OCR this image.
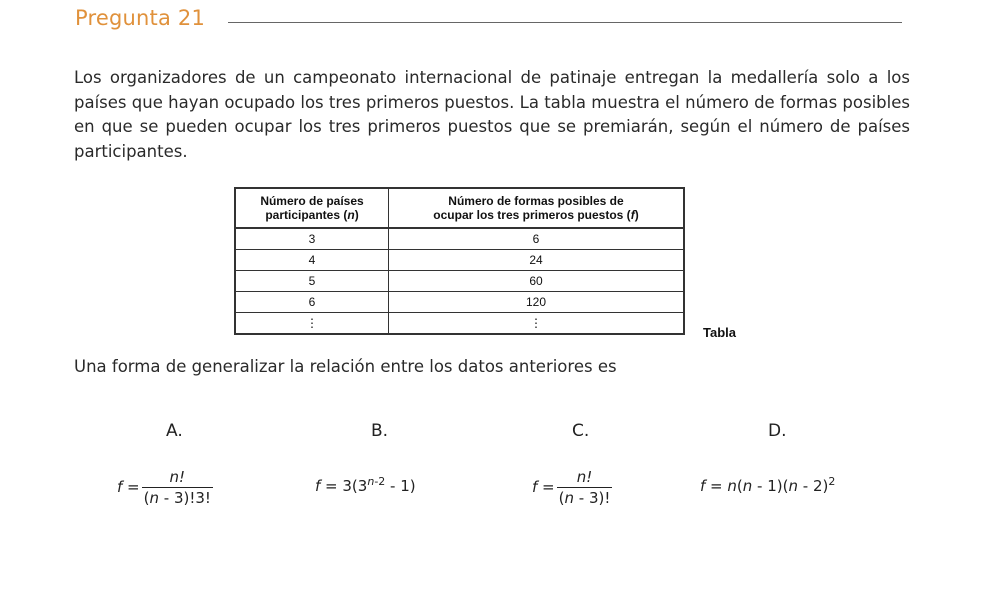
Pregunta 21
Los organizadores de un campeonato internacional de patinaje entregan la medallería solo a los países que hayan ocupado los tres primeros puestos. La tabla muestra el número de formas posibles en que se pueden ocupar los tres primeros puestos que se premiarán, según el número de países participantes.
Número de países
participantes (n)	Número de formas posibles de
ocupar los tres primeros puestos (f)
3	6
4	24
5	60
6	120
⋮	⋮
Tabla
Una forma de generalizar la relación entre los datos anteriores es
A.
$f = \frac{n!}{(n - 3)!3!}$
B.
$f = 3(3^{n-2} - 1)$
C.
$f = \frac{n!}{(n - 3)!}$
D.
f = n(n - 1)(n - 2)$^2$
